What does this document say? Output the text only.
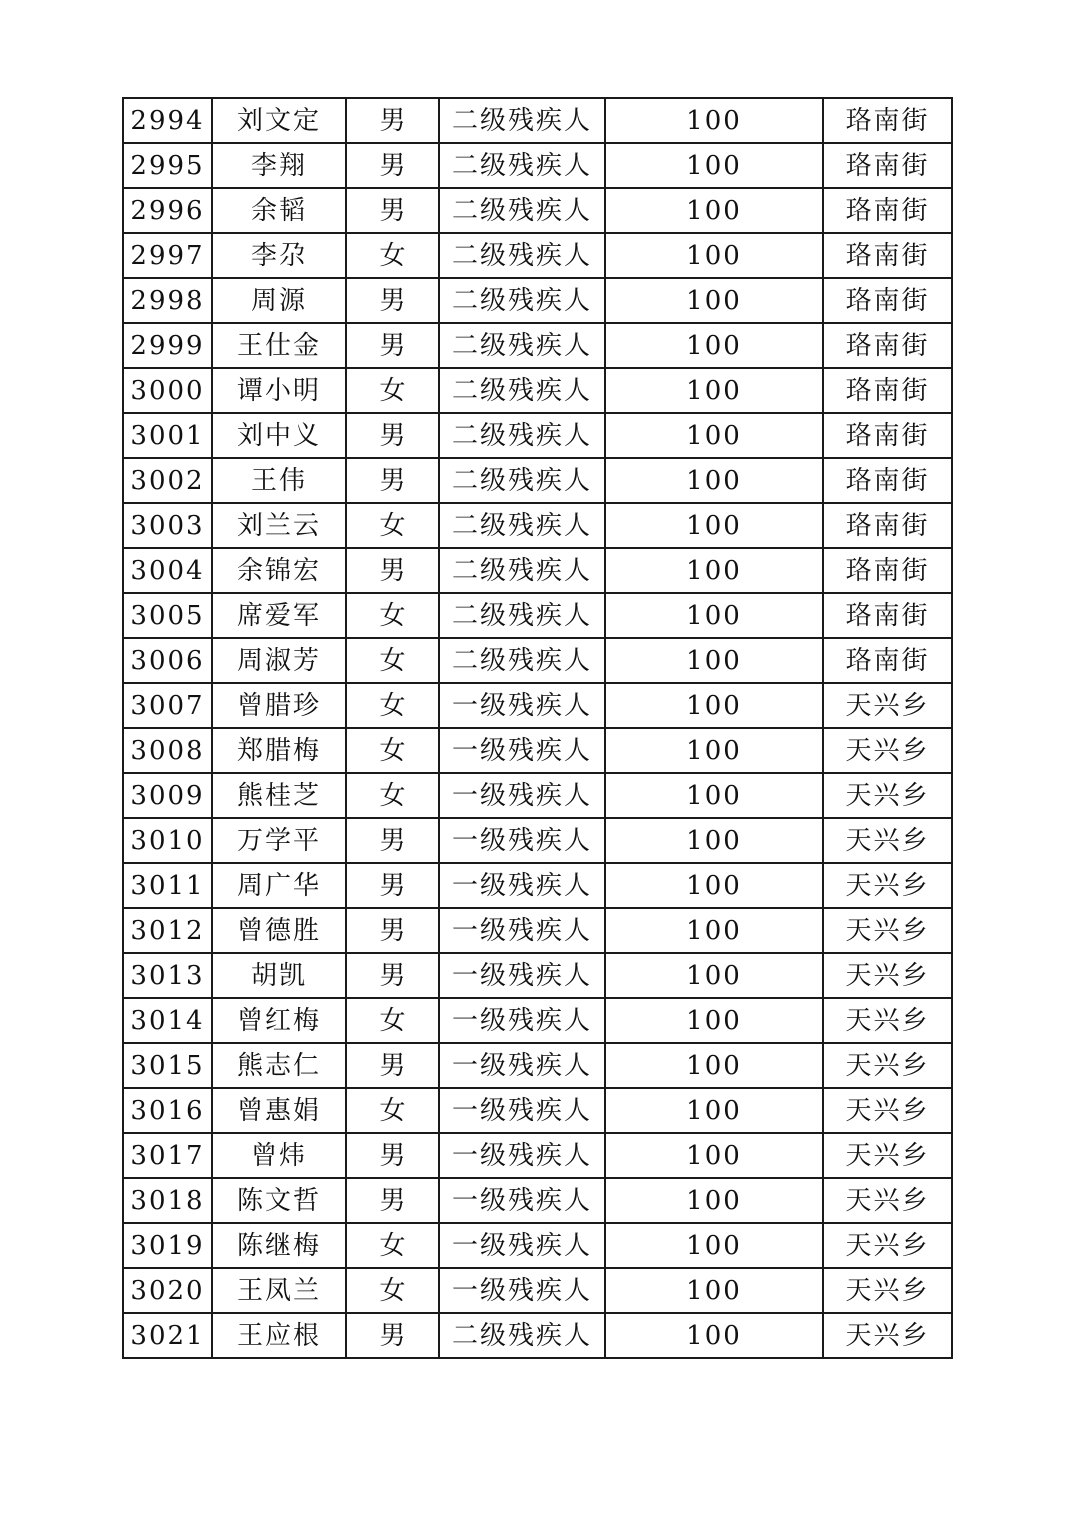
2994	刘文定	男	二级残疾人	100	珞南街
2995	李翔	男	二级残疾人	100	珞南街
2996	余韬	男	二级残疾人	100	珞南街
2997	李尕	女	二级残疾人	100	珞南街
2998	周源	男	二级残疾人	100	珞南街
2999	王仕金	男	二级残疾人	100	珞南街
3000	谭小明	女	二级残疾人	100	珞南街
3001	刘中义	男	二级残疾人	100	珞南街
3002	王伟	男	二级残疾人	100	珞南街
3003	刘兰云	女	二级残疾人	100	珞南街
3004	余锦宏	男	二级残疾人	100	珞南街
3005	席爱军	女	二级残疾人	100	珞南街
3006	周淑芳	女	二级残疾人	100	珞南街
3007	曾腊珍	女	一级残疾人	100	天兴乡
3008	郑腊梅	女	一级残疾人	100	天兴乡
3009	熊桂芝	女	一级残疾人	100	天兴乡
3010	万学平	男	一级残疾人	100	天兴乡
3011	周广华	男	一级残疾人	100	天兴乡
3012	曾德胜	男	一级残疾人	100	天兴乡
3013	胡凯	男	一级残疾人	100	天兴乡
3014	曾红梅	女	一级残疾人	100	天兴乡
3015	熊志仁	男	一级残疾人	100	天兴乡
3016	曾惠娟	女	一级残疾人	100	天兴乡
3017	曾炜	男	一级残疾人	100	天兴乡
3018	陈文哲	男	一级残疾人	100	天兴乡
3019	陈继梅	女	一级残疾人	100	天兴乡
3020	王凤兰	女	一级残疾人	100	天兴乡
3021	王应根	男	二级残疾人	100	天兴乡
